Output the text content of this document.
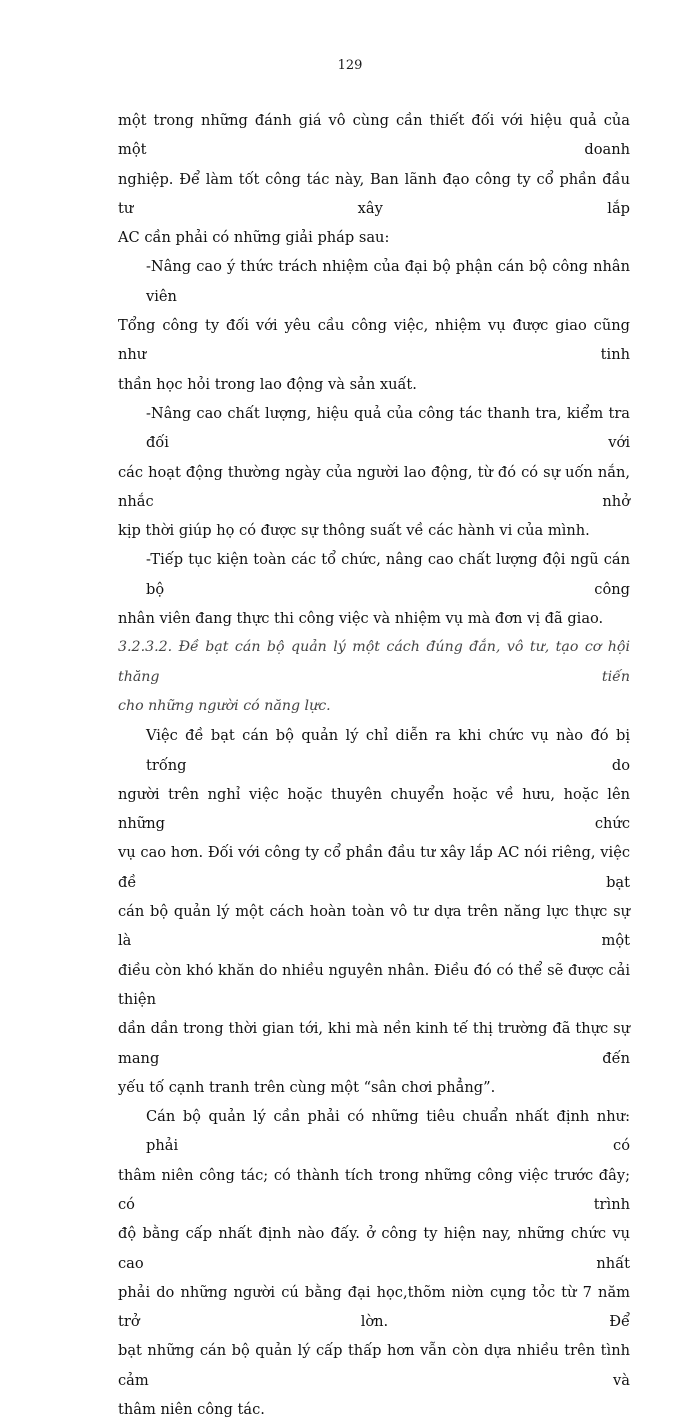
129
một trong những đánh giá vô cùng cần thiết đối với hiệu quả của một doanh
nghiệp. Để làm tốt công tác này, Ban lãnh đạo công ty cổ phần đầu tư xây lắp
AC cần phải có những giải pháp sau:
-Nâng cao ý thức trách nhiệm của đại bộ phận cán bộ công nhân viên
Tổng công ty đối với yêu cầu công việc, nhiệm vụ được giao cũng như tinh
thần học hỏi trong lao động và sản xuất.
-Nâng cao chất lượng, hiệu quả của công tác thanh tra, kiểm tra đối với
các hoạt động thường ngày của người lao động, từ đó có sự uốn nắn, nhắc nhở
kịp thời giúp họ có được sự thông suất về các hành vi của mình.
-Tiếp tục kiện toàn các tổ chức, nâng cao chất lượng đội ngũ cán bộ công
nhân viên đang thực thi công việc và nhiệm vụ mà đơn vị đã giao.
3.2.3.2. Đề bạt cán bộ quản lý một cách đúng đắn, vô tư, tạo cơ hội thăng tiến
cho những người có năng lực.
Việc đề bạt cán bộ quản lý chỉ diễn ra khi chức vụ nào đó bị trống do
người trên nghỉ việc hoặc thuyên chuyển hoặc về hưu, hoặc lên những chức
vụ cao hơn. Đối với công ty cổ phần đầu tư xây lắp AC nói riêng, việc đề bạt
cán bộ quản lý một cách hoàn toàn vô tư dựa trên năng lực thực sự là một
điều còn khó khăn do nhiều nguyên nhân. Điều đó có thể sẽ được cải thiện
dần dần trong thời gian tới, khi mà nền kinh tế thị trường đã thực sự mang đến
yếu tố cạnh tranh trên cùng một “sân chơi phẳng”.
Cán bộ quản lý cần phải có những tiêu chuẩn nhất định như: phải có
thâm niên công tác; có thành tích trong những công việc trước đây; có trình
độ bằng cấp nhất định nào đấy. ở công ty hiện nay, những chức vụ cao nhất
phải do những người cú bằng đại học,thõm niờn cụng tỏc từ 7 năm trở lờn. Để
bạt những cán bộ quản lý cấp thấp hơn vẫn còn dựa nhiều trên tình cảm và
thâm niên công tác.
